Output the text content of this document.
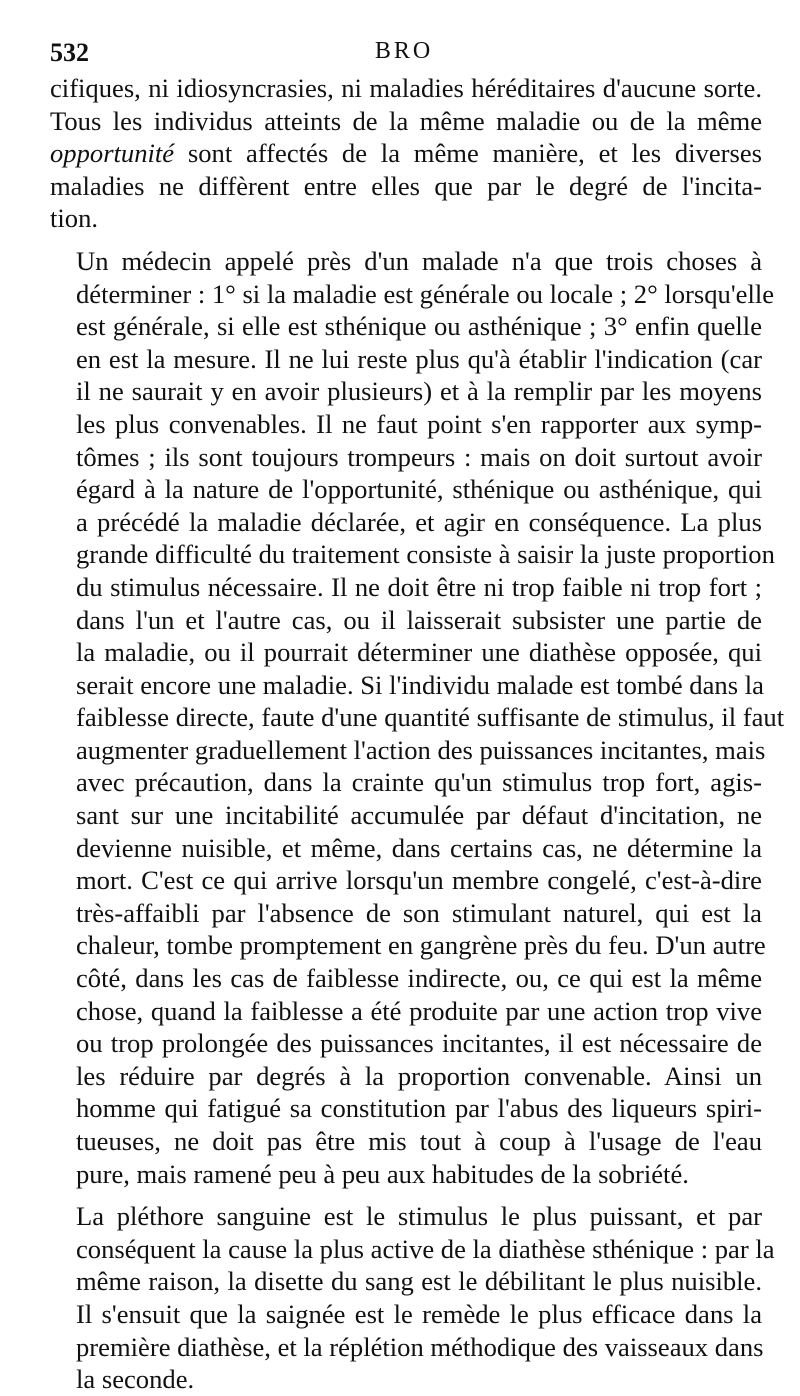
532	BRO

cifiques, ni idiosyncrasies, ni maladies héréditaires d'aucune sorte.
Tous les individus atteints de la même maladie ou de la même
opportunité sont affectés de la même manière, et les diverses
maladies ne diffèrent entre elles que par le degré de l'incita-
tion.

Un médecin appelé près d'un malade n'a que trois choses à
déterminer : 1° si la maladie est générale ou locale ; 2° lorsqu'elle
est générale, si elle est sthénique ou asthénique ; 3° enfin quelle
en est la mesure. Il ne lui reste plus qu'à établir l'indication (car
il ne saurait y en avoir plusieurs) et à la remplir par les moyens
les plus convenables. Il ne faut point s'en rapporter aux symp-
tômes ; ils sont toujours trompeurs : mais on doit surtout avoir
égard à la nature de l'opportunité, sthénique ou asthénique, qui
a précédé la maladie déclarée, et agir en conséquence. La plus
grande difficulté du traitement consiste à saisir la juste proportion
du stimulus nécessaire. Il ne doit être ni trop faible ni trop fort ;
dans l'un et l'autre cas, ou il laisserait subsister une partie de
la maladie, ou il pourrait déterminer une diathèse opposée, qui
serait encore une maladie. Si l'individu malade est tombé dans la
faiblesse directe, faute d'une quantité suffisante de stimulus, il faut
augmenter graduellement l'action des puissances incitantes, mais
avec précaution, dans la crainte qu'un stimulus trop fort, agis-
sant sur une incitabilité accumulée par défaut d'incitation, ne
devienne nuisible, et même, dans certains cas, ne détermine la
mort. C'est ce qui arrive lorsqu'un membre congelé, c'est-à-dire
très-affaibli par l'absence de son stimulant naturel, qui est la
chaleur, tombe promptement en gangrène près du feu. D'un autre
côté, dans les cas de faiblesse indirecte, ou, ce qui est la même
chose, quand la faiblesse a été produite par une action trop vive
ou trop prolongée des puissances incitantes, il est nécessaire de
les réduire par degrés à la proportion convenable. Ainsi un
homme qui fatigué sa constitution par l'abus des liqueurs spiri-
tueuses, ne doit pas être mis tout à coup à l'usage de l'eau
pure, mais ramené peu à peu aux habitudes de la sobriété.

La pléthore sanguine est le stimulus le plus puissant, et par
conséquent la cause la plus active de la diathèse sthénique : par la
même raison, la disette du sang est le débilitant le plus nuisible.
Il s'ensuit que la saignée est le remède le plus efficace dans la
première diathèse, et la réplétion méthodique des vaisseaux dans
la seconde.
